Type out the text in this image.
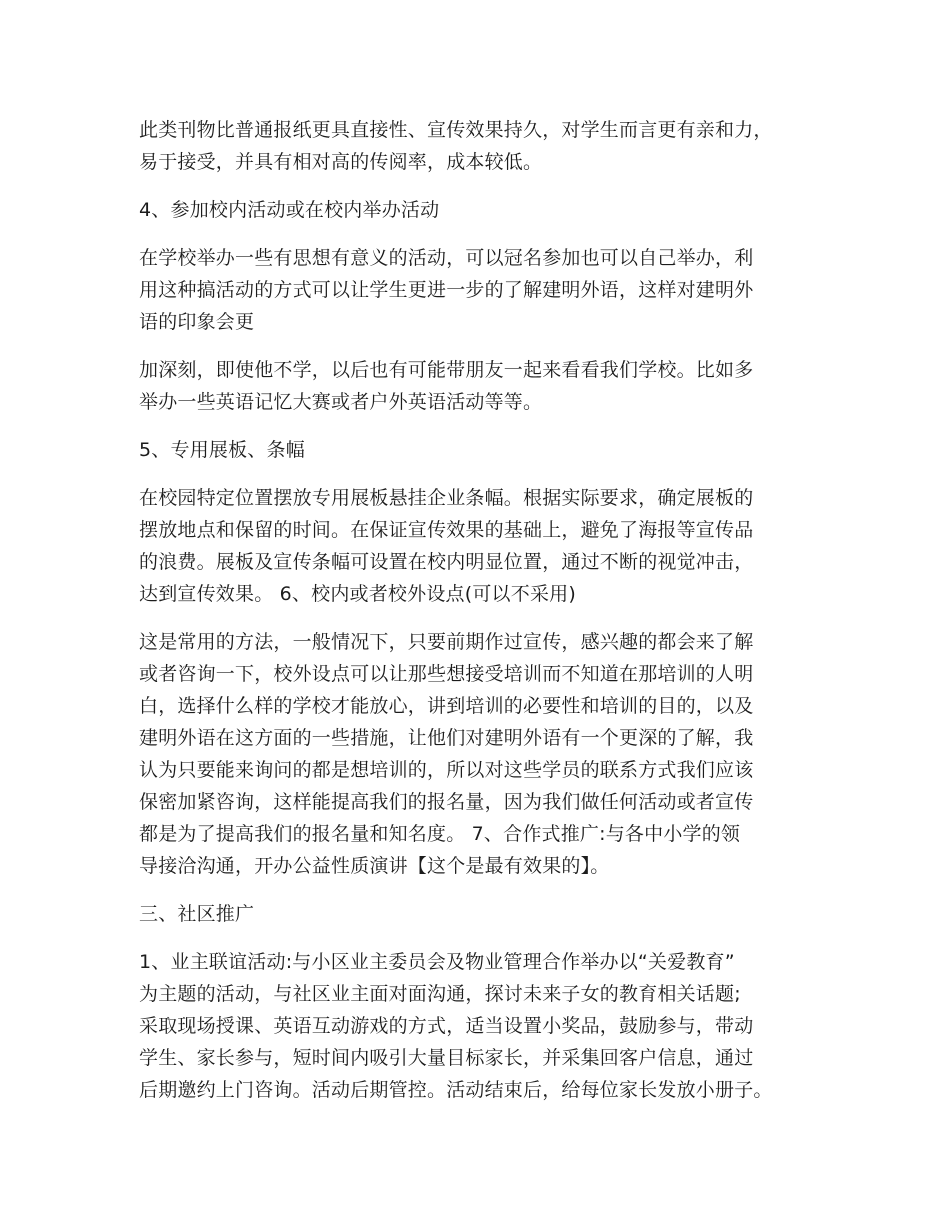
此类刊物比普通报纸更具直接性、宣传效果持久，对学生而言更有亲和力，
易于接受，并具有相对高的传阅率，成本较低。
4、参加校内活动或在校内举办活动
在学校举办一些有思想有意义的活动，可以冠名参加也可以自己举办，利
用这种搞活动的方式可以让学生更进一步的了解建明外语，这样对建明外
语的印象会更
加深刻，即使他不学，以后也有可能带朋友一起来看看我们学校。比如多
举办一些英语记忆大赛或者户外英语活动等等。
5、专用展板、条幅
在校园特定位置摆放专用展板悬挂企业条幅。根据实际要求，确定展板的
摆放地点和保留的时间。在保证宣传效果的基础上，避免了海报等宣传品
的浪费。展板及宣传条幅可设置在校内明显位置，通过不断的视觉冲击，
达到宣传效果。 6、校内或者校外设点(可以不采用)
这是常用的方法，一般情况下，只要前期作过宣传，感兴趣的都会来了解
或者咨询一下，校外设点可以让那些想接受培训而不知道在那培训的人明
白，选择什么样的学校才能放心，讲到培训的必要性和培训的目的，以及
建明外语在这方面的一些措施，让他们对建明外语有一个更深的了解，我
认为只要能来询问的都是想培训的，所以对这些学员的联系方式我们应该
保密加紧咨询，这样能提高我们的报名量，因为我们做任何活动或者宣传
都是为了提高我们的报名量和知名度。 7、合作式推广:与各中小学的领
导接洽沟通，开办公益性质演讲【这个是最有效果的】。
三、社区推广
1、业主联谊活动:与小区业主委员会及物业管理合作举办以“关爱教育”
为主题的活动，与社区业主面对面沟通，探讨未来子女的教育相关话题;
采取现场授课、英语互动游戏的方式，适当设置小奖品，鼓励参与，带动
学生、家长参与，短时间内吸引大量目标家长，并采集回客户信息，通过
后期邀约上门咨询。活动后期管控。活动结束后，给每位家长发放小册子。
